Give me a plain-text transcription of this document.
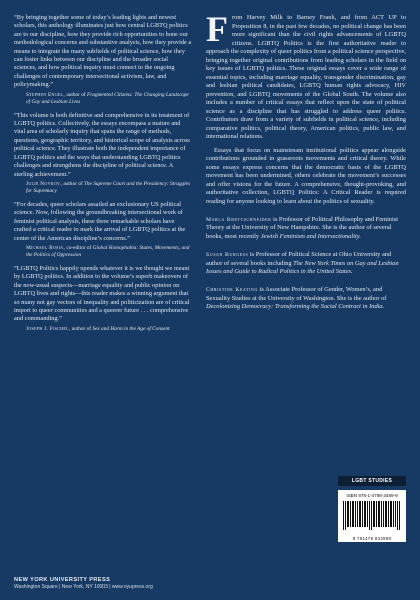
“By bringing together some of today’s leading lights and newest scholars, this anthology illuminates just how central LGBTQ politics are to our discipline, how they provide rich opportunities to hone our methodological concerns and substantive analysis, how they provide a means to integrate the many subfields of political science, how they can foster links between our discipline and the broader social sciences, and how political inquiry must connect to the ongoing challenges of contemporary intersectional activism, law, and policymaking.”

Stephen Engel, author of Fragmented Citizens: The Changing Landscape of Gay and Lesbian Lives

“This volume is both definitive and comprehensive in its treatment of LGBTQ politics. Collectively, the essays encompass a mature and vital area of scholarly inquiry that spans the range of methods, questions, geographic territory, and historical scope of analysis across political science. They illustrate both the independent importance of LGBTQ politics and the ways that understanding LGBTQ politics challenges and strengthens the discipline of political science. A sterling achievement.”

Julie Novkov, author of The Supreme Court and the Presidency: Struggles for Supremacy

“For decades, queer scholars assailed an exclusionary US political science. Now, following the groundbreaking intersectional work of feminist political analysis, these three remarkable scholars have crafted a critical reader to mark the arrival of LGBTQ politics at the center of the American discipline’s concerns.”

Michael Bosia, co-editor of Global Homophobia: States, Movements, and the Politics of Oppression

“LGBTQ Politics happily upends whatever it is we thought we meant by LGBTQ politics. In addition to the volume’s superb makeovers of the now-usual suspects—marriage equality and public opinion on LGBTQ lives and rights—this reader makes a winning argument that so many not gay vectors of inequality and politicization are of critical import to queer communities and a queerer future . . . comprehensive and commanding.”

Joseph J. Fischel, author of Sex and Harm in the Age of Consent
NEW YORK UNIVERSITY PRESS
Washington Square | New York, NY 10003 | www.nyupress.org

From Harvey Milk to Barney Frank, and from ACT UP to Proposition 8, in the past few decades, no political change has been more significant than the civil rights advancements of LGBTQ citizens. LGBTQ Politics is the first authoritative reader to approach the complexity of queer politics from a political science perspective, bringing together original contributions from leading scholars in the field on key issues of LGBTQ politics. These original essays cover a wide range of essential topics, including marriage equality, transgender discrimination, gay and lesbian political candidates, LGBTQ human rights advocacy, HIV prevention, and LGBTQ movements of the Global South. The volume also includes a number of critical essays that reflect upon the state of political science as a discipline that has struggled to address queer politics. Contributors draw from a variety of subfields in political science, including comparative politics, political theory, American politics, public law, and international relations.

Essays that focus on mainstream institutional politics appear alongside contributions grounded in grassroots movements and critical theory. While some essays express concerns that the democratic basis of the LGBTQ movement has been undermined, others celebrate the movement’s successes and offer visions for the future. A comprehensive, thought-provoking, and authoritative collection, LGBTQ Politics: A Critical Reader is required reading for anyone looking to learn about the politics of sexuality.

Marla Brettschneider is Professor of Political Philosophy and Feminist Theory at the University of New Hampshire. She is the author of several books, most recently Jewish Feminism and Intersectionality.
Susan Burgess is Professor of Political Science at Ohio University and author of several books including The New York Times on Gay and Lesbian Issues and Guide to Radical Politics in the United States.
Christine Keating is Associate Professor of Gender, Women’s, and Sexuality Studies at the University of Washington. She is the author of Decolonizing Democracy: Transforming the Social Contract in India.
LGBT STUDIES
ISBN 978-1-4798-3489-9
9 781479 834899
